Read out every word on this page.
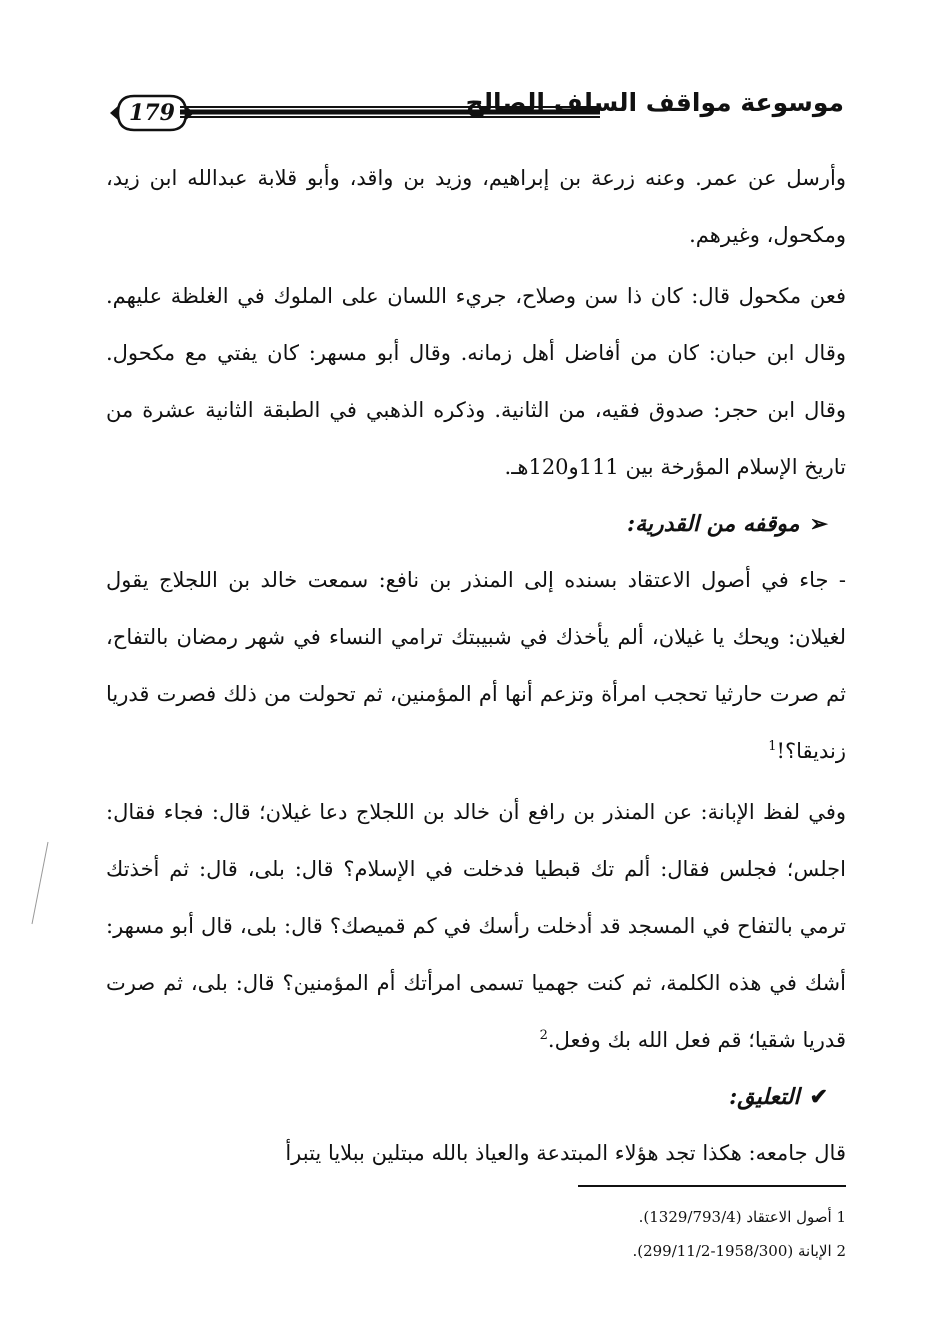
179	موسوعة مواقف السلف الصالح

وأرسل عن عمر. وعنه زرعة بن إبراهيم، وزيد بن واقد، وأبو قلابة عبدالله ابن زيد، ومكحول، وغيرهم.

فعن مكحول قال: كان ذا سن وصلاح، جريء اللسان على الملوك في الغلظة عليهم. وقال ابن حبان: كان من أفاضل أهل زمانه. وقال أبو مسهر: كان يفتي مع مكحول. وقال ابن حجر: صدوق فقيه، من الثانية. وذكره الذهبي في الطبقة الثانية عشرة من تاريخ الإسلام المؤرخة بين 111و120هـ.

➢موقفه من القدرية:

- جاء في أصول الاعتقاد بسنده إلى المنذر بن نافع: سمعت خالد بن اللجلاج يقول لغيلان: ويحك يا غيلان، ألم يأخذك في شبيبتك ترامي النساء في شهر رمضان بالتفاح، ثم صرت حارثيا تحجب امرأة وتزعم أنها أم المؤمنين، ثم تحولت من ذلك فصرت قدريا زنديقا؟!$^1$

وفي لفظ الإبانة: عن المنذر بن رافع أن خالد بن اللجلاج دعا غيلان؛ قال: فجاء فقال: اجلس؛ فجلس فقال: ألم تك قبطيا فدخلت في الإسلام؟ قال: بلى، قال: ثم أخذتك ترمي بالتفاح في المسجد قد أدخلت رأسك في كم قميصك؟ قال: بلى، قال أبو مسهر: أشك في هذه الكلمة، ثم كنت جهميا تسمى امرأتك أم المؤمنين؟ قال: بلى، ثم صرت قدريا شقيا؛ قم فعل الله بك وفعل.$^2$

✔التعليق:

قال جامعه: هكذا تجد هؤلاء المبتدعة والعياذ بالله مبتلين ببلايا يتبرأ

1 أصول الاعتقاد (1329/793/4).
2 الإبانة (1958/300-299/11/2).
